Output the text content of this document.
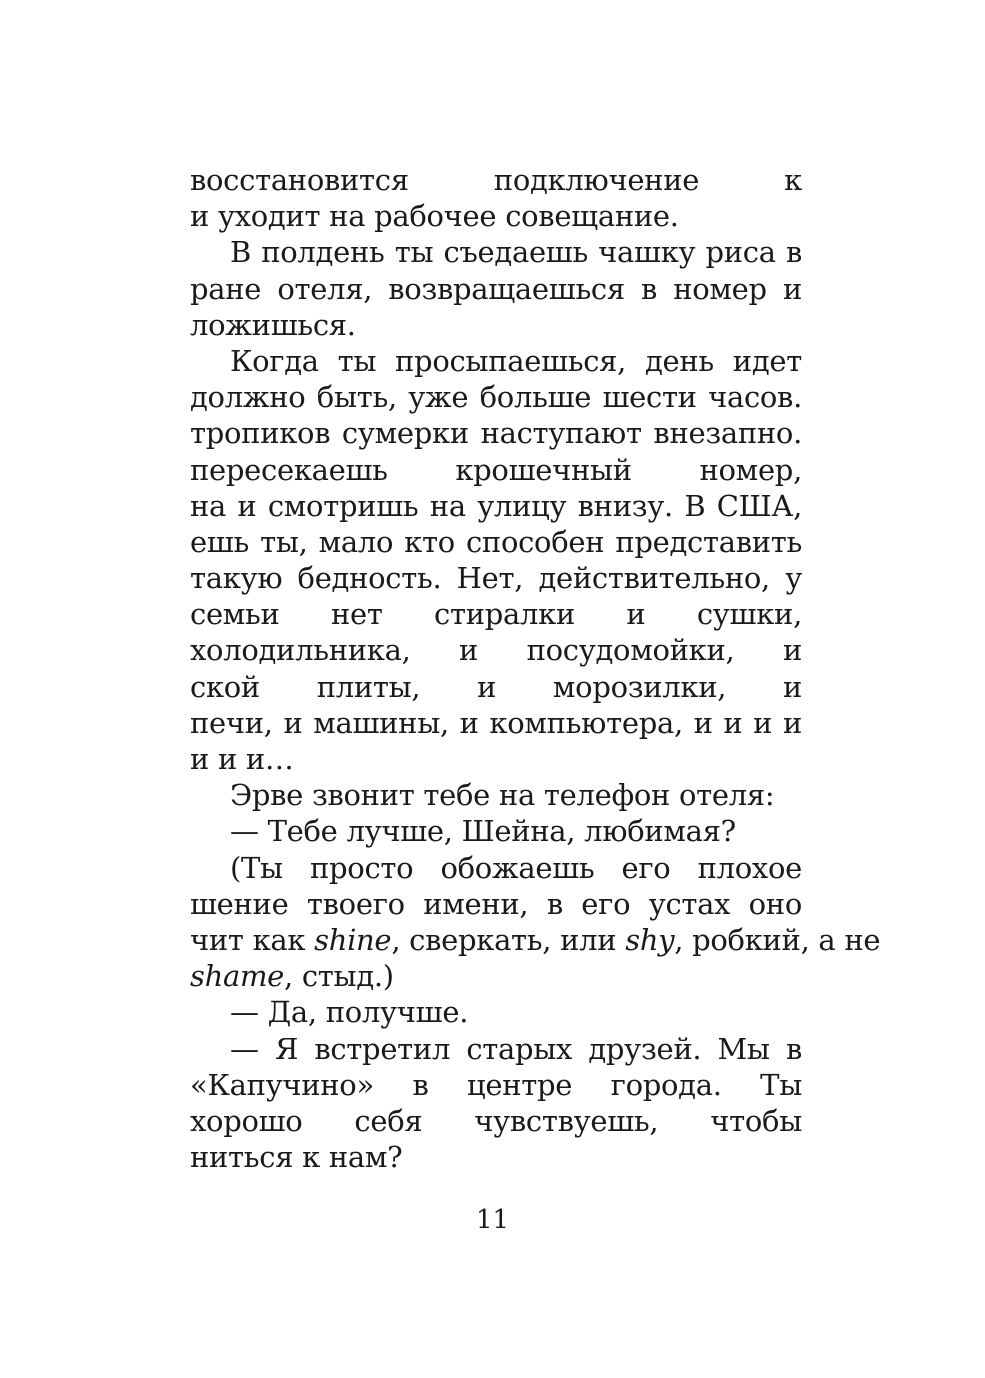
восстановится подключение к
и уходит на рабочее совещание.
В полдень ты съедаешь чашку риса в
ране отеля, возвращаешься в номер и
ложишься.
Когда ты просыпаешься, день идет
должно быть, уже больше шести часов.
тропиков сумерки наступают внезапно.
пересекаешь крошечный номер,
на и смотришь на улицу внизу. В США,
ешь ты, мало кто способен представить
такую бедность. Нет, действительно, у
семьи нет стиралки и сушки,
холодильника, и посудомойки, и
ской плиты, и морозилки, и
печи, и машины, и компьютера, и и и и
и и и…
Эрве звонит тебе на телефон отеля:
— Тебе лучше, Шейна, любимая?
(Ты просто обожаешь его плохое
шение твоего имени, в его устах оно
чит как shine, сверкать, или shy, робкий, а не
shame, стыд.)
— Да, получше.
— Я встретил старых друзей. Мы в
«Капучино» в центре города. Ты
хорошо себя чувствуешь, чтобы
ниться к нам?
11
